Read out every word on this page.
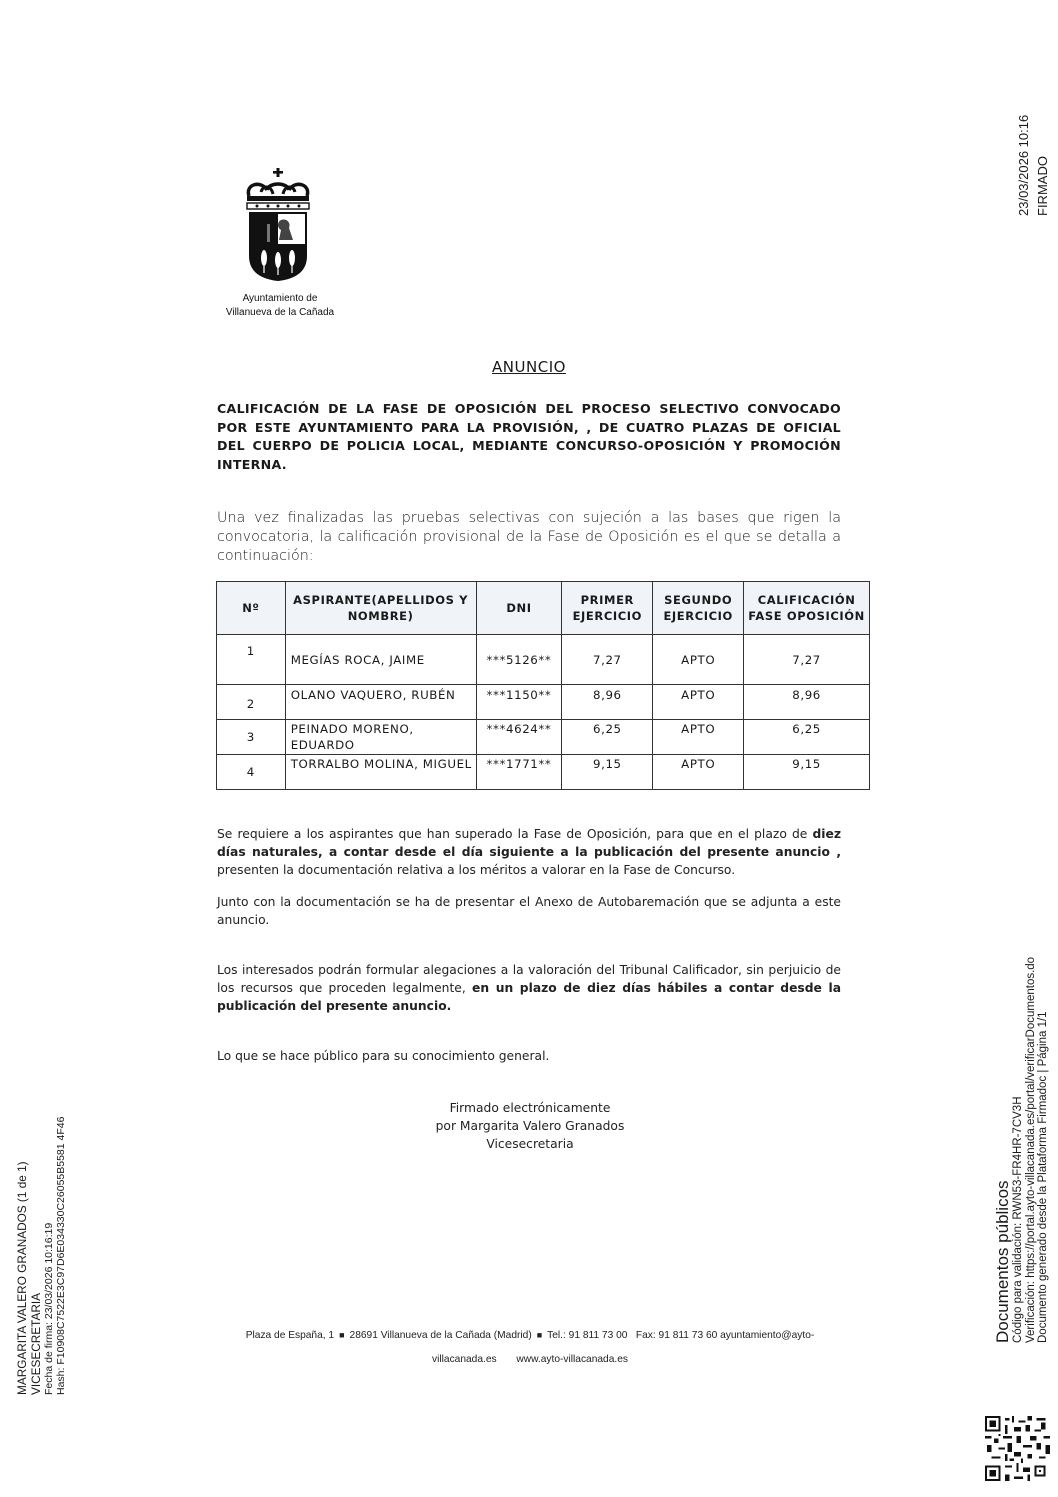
Ayuntamiento de
Villanueva de la Cañada
ANUNCIO
CALIFICACIÓN DE LA FASE DE OPOSICIÓN DEL PROCESO SELECTIVO CONVOCADO POR ESTE AYUNTAMIENTO PARA LA PROVISIÓN, , DE CUATRO PLAZAS DE OFICIAL DEL CUERPO DE POLICIA LOCAL, MEDIANTE CONCURSO-OPOSICIÓN Y PROMOCIÓN INTERNA.
Una vez finalizadas las pruebas selectivas con sujeción a las bases que rigen la convocatoria, la calificación provisional de la Fase de Oposición es el que se detalla a continuación:
Nº	ASPIRANTE(APELLIDOS Y NOMBRE)	DNI	PRIMER EJERCICIO	SEGUNDO EJERCICIO	CALIFICACIÓN FASE OPOSICIÓN
1	MEGÍAS ROCA, JAIME	***5126**	7,27	APTO	7,27
2	OLANO VAQUERO, RUBÉN	***1150**	8,96	APTO	8,96
3	PEINADO MORENO, EDUARDO	***4624**	6,25	APTO	6,25
4	TORRALBO MOLINA, MIGUEL	***1771**	9,15	APTO	9,15
Se requiere a los aspirantes que han superado la Fase de Oposición, para que en el plazo de diez días naturales, a contar desde el día siguiente a la publicación del presente anuncio , presenten la documentación relativa a los méritos a valorar en la Fase de Concurso.
Junto con la documentación se ha de presentar el Anexo de Autobaremación que se adjunta a este anuncio.
Los interesados podrán formular alegaciones a la valoración del Tribunal Calificador, sin perjuicio de los recursos que proceden legalmente, en un plazo de diez días hábiles a contar desde la publicación del presente anuncio.
Lo que se hace público para su conocimiento general.
Firmado electrónicamente
por Margarita Valero Granados
Vicesecretaria
Plaza de España, 1 ■ 28691 Villanueva de la Cañada (Madrid) ■ Tel.: 91 811 73 00 Fax: 91 811 73 60 ayuntamiento@ayto-
villacanada.es www.ayto-villacanada.es
23/03/2026 10:16 FIRMADO
MARGARITA VALERO GRANADOS (1 de 1) VICESECRETARIA Fecha de firma: 23/03/2026 10:16:19 Hash: F10908C7522E3C97D6E034330C26055B5581 4F46	Documentos públicos Código para validación: RWN53-FR4HR-7CV3H Verificación: https://portal.ayto-villacanada.es/portal/verificarDocumentos.do Documento generado desde la Plataforma Firmadoc | Página 1/1
